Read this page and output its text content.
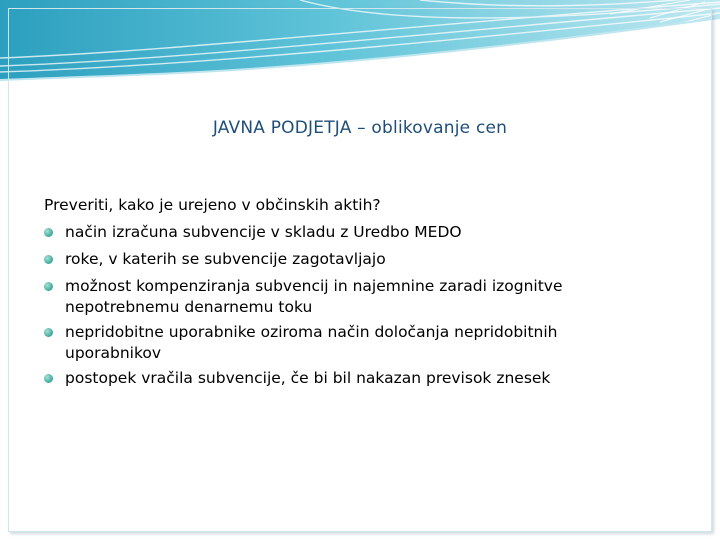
JAVNA PODJETJA – oblikovanje cen

Preveriti, kako je urejeno v občinskih aktih?

način izračuna subvencije v skladu z Uredbo MEDO
roke, v katerih se subvencije zagotavljajo
možnost kompenziranja subvencij in najemnine zaradi izognitve
nepotrebnemu denarnemu toku
nepridobitne uporabnike oziroma način določanja nepridobitnih
uporabnikov
postopek vračila subvencije, če bi bil nakazan previsok znesek
